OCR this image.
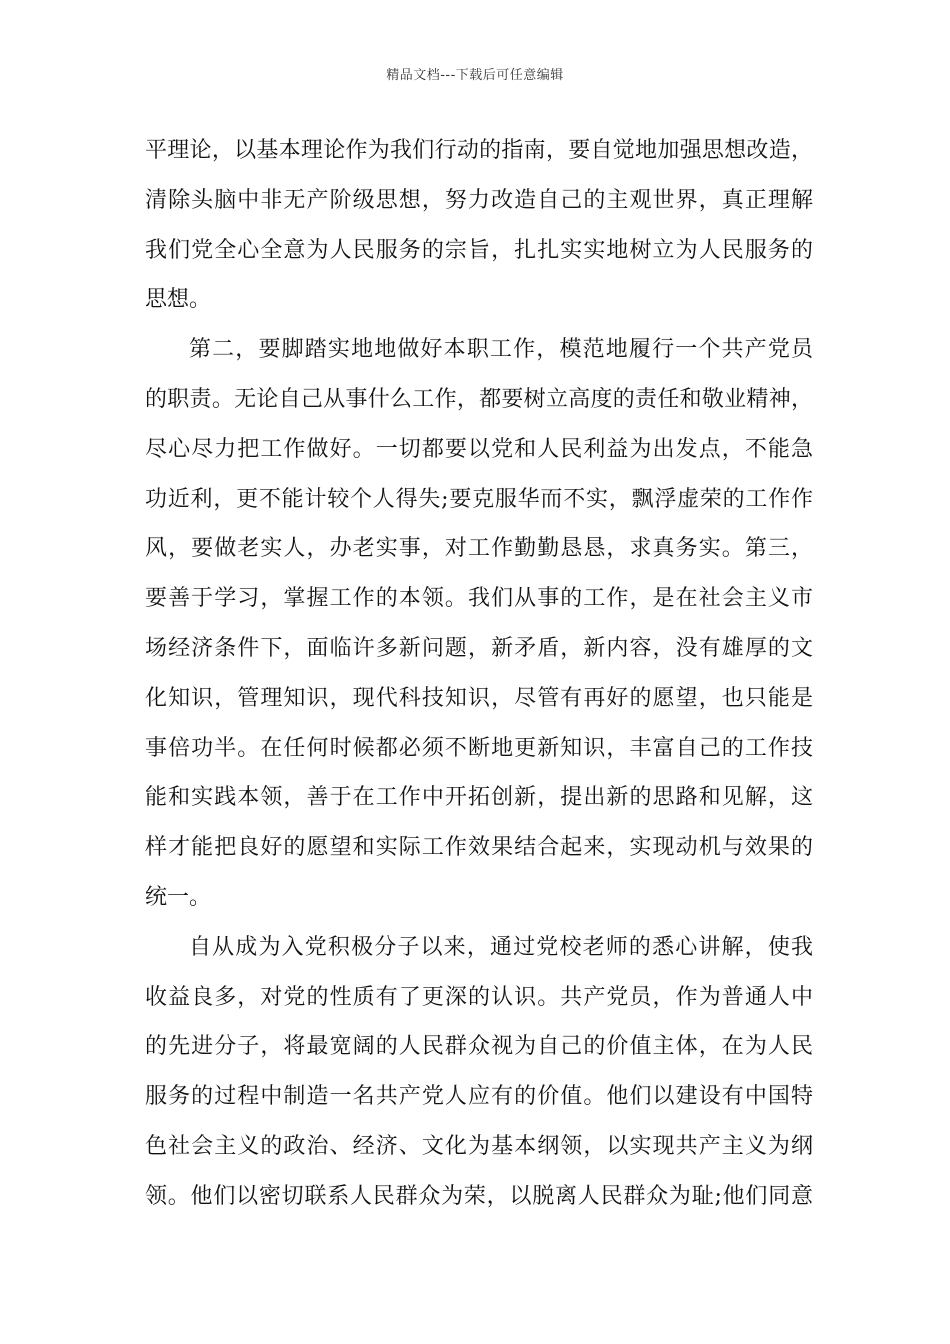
精品文档---下载后可任意编辑
平理论，以基本理论作为我们行动的指南，要自觉地加强思想改造，
清除头脑中非无产阶级思想，努力改造自己的主观世界，真正理解
我们党全心全意为人民服务的宗旨，扎扎实实地树立为人民服务的
思想。
第二，要脚踏实地地做好本职工作，模范地履行一个共产党员
的职责。无论自己从事什么工作，都要树立高度的责任和敬业精神，
尽心尽力把工作做好。一切都要以党和人民利益为出发点，不能急
功近利，更不能计较个人得失;要克服华而不实，飘浮虚荣的工作作
风，要做老实人，办老实事，对工作勤勤恳恳，求真务实。第三，
要善于学习，掌握工作的本领。我们从事的工作，是在社会主义市
场经济条件下，面临许多新问题，新矛盾，新内容，没有雄厚的文
化知识，管理知识，现代科技知识，尽管有再好的愿望，也只能是
事倍功半。在任何时候都必须不断地更新知识，丰富自己的工作技
能和实践本领，善于在工作中开拓创新，提出新的思路和见解，这
样才能把良好的愿望和实际工作效果结合起来，实现动机与效果的
统一。
自从成为入党积极分子以来，通过党校老师的悉心讲解，使我
收益良多，对党的性质有了更深的认识。共产党员，作为普通人中
的先进分子，将最宽阔的人民群众视为自己的价值主体，在为人民
服务的过程中制造一名共产党人应有的价值。他们以建设有中国特
色社会主义的政治、经济、文化为基本纲领，以实现共产主义为纲
领。他们以密切联系人民群众为荣，以脱离人民群众为耻;他们同意
